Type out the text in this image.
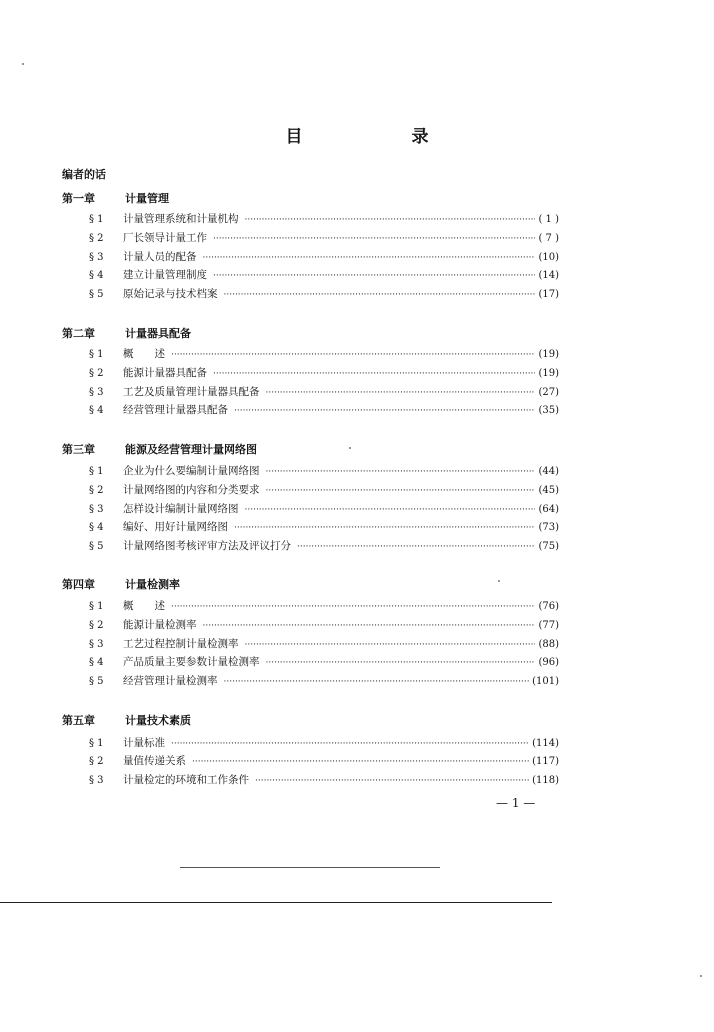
目　录
编者的话
第一章	计量管理
§ 1	计量管理系统和计量机构 ·····	( 1 )
§ 2	厂长领导计量工作 ·····	( 7 )
§ 3	计量人员的配备 ·····	(10)
§ 4	建立计量管理制度 ·····	(14)
§ 5	原始记录与技术档案 ·····	(17)
第二章	计量器具配备
§ 1	概　　述 ·····	(19)
§ 2	能源计量器具配备 ·····	(19)
§ 3	工艺及质量管理计量器具配备 ·····	(27)
§ 4	经营管理计量器具配备 ·····	(35)
第三章	能源及经营管理计量网络图
§ 1	企业为什么要编制计量网络图 ·····	(44)
§ 2	计量网络图的内容和分类要求 ·····	(45)
§ 3	怎样设计编制计量网络图 ·····	(64)
§ 4	编好、用好计量网络图 ·····	(73)
§ 5	计量网络图考核评审方法及评议打分 ·····	(75)
第四章	计量检测率
§ 1	概　　述 ·····	(76)
§ 2	能源计量检测率 ·····	(77)
§ 3	工艺过程控制计量检测率 ·····	(88)
§ 4	产品质量主要参数计量检测率 ·····	(96)
§ 5	经营管理计量检测率 ·····	(101)
第五章	计量技术素质
§ 1	计量标准 ·····	(114)
§ 2	量值传递关系 ·····	(117)
§ 3	计量检定的环境和工作条件 ·····	(118)
— 1 —
